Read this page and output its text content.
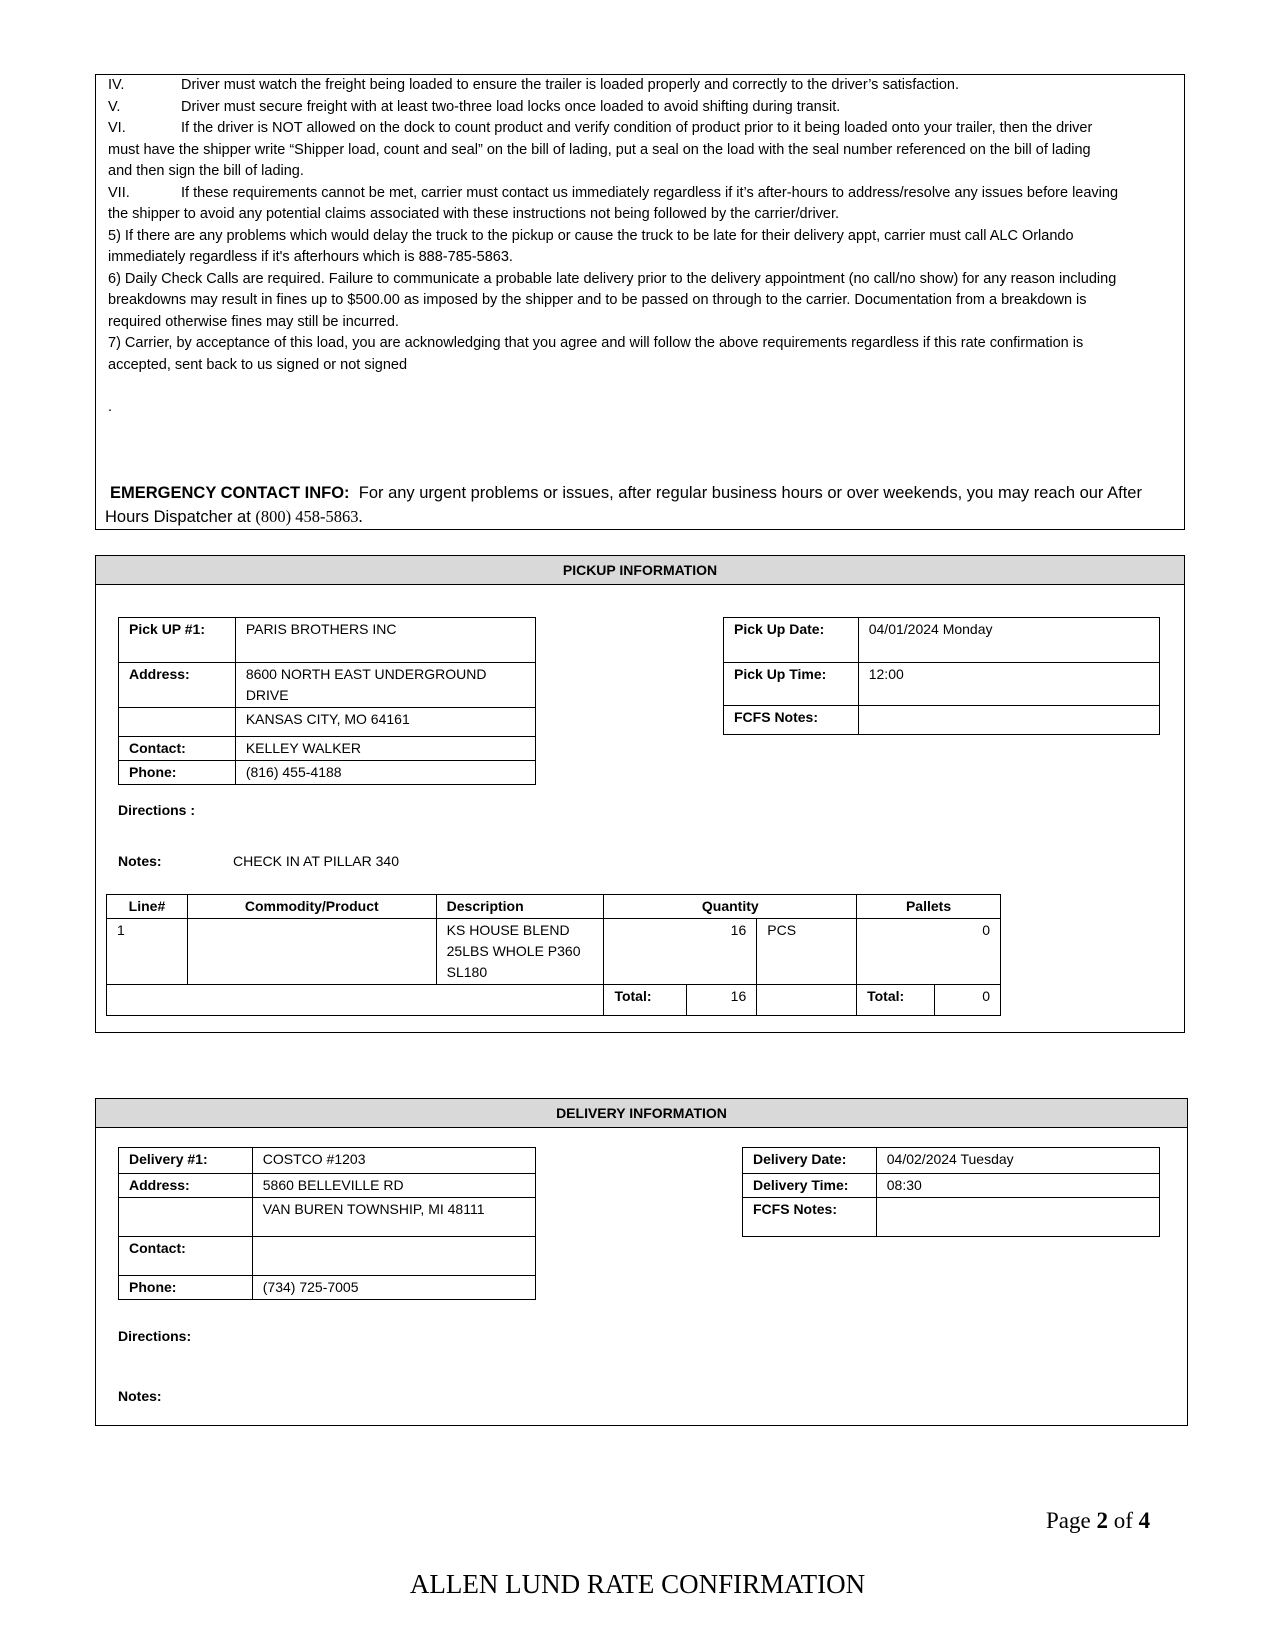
IV.	Driver must watch the freight being loaded to ensure the trailer is loaded properly and correctly to the driver’s satisfaction.
V.	Driver must secure freight with at least two-three load locks once loaded to avoid shifting during transit.
VI.	If the driver is NOT allowed on the dock to count product and verify condition of product prior to it being loaded onto your trailer, then the driver
must have the shipper write “Shipper load, count and seal” on the bill of lading, put a seal on the load with the seal number referenced on the bill of lading
and then sign the bill of lading.
VII.	If these requirements cannot be met, carrier must contact us immediately regardless if it’s after-hours to address/resolve any issues before leaving
the shipper to avoid any potential claims associated with these instructions not being followed by the carrier/driver.
5) If there are any problems which would delay the truck to the pickup or cause the truck to be late for their delivery appt, carrier must call ALC Orlando
immediately regardless if it's afterhours which is 888-785-5863.
6) Daily Check Calls are required. Failure to communicate a probable late delivery prior to the delivery appointment (no call/no show) for any reason including
breakdowns may result in fines up to $500.00 as imposed by the shipper and to be passed on through to the carrier. Documentation from a breakdown is
required otherwise fines may still be incurred.
7) Carrier, by acceptance of this load, you are acknowledging that you agree and will follow the above requirements regardless if this rate confirmation is
accepted, sent back to us signed or not signed
.
EMERGENCY CONTACT INFO: For any urgent problems or issues, after regular business hours or over weekends, you may reach our After
Hours Dispatcher at (800) 458-5863.
PICKUP INFORMATION
Pick UP #1:	PARIS BROTHERS INC
Address:	8600 NORTH EAST UNDERGROUND
DRIVE

	KANSAS CITY, MO 64161
Contact:	KELLEY WALKER
Phone:	(816) 455-4188
Pick Up Date:	04/01/2024 Monday
Pick Up Time:	12:00
FCFS Notes:	
Directions :
Notes:	CHECK IN AT PILLAR 340
Line#	Commodity/Product	Description	Quantity			Pallets	
1		KS HOUSE BLEND
25LBS WHOLE P360
SL180	16		PCS	0	
			Total:	16		Total:	0
DELIVERY INFORMATION
Delivery #1:	COSTCO #1203
Address:	5860 BELLEVILLE RD
	VAN BUREN TOWNSHIP, MI 48111
Contact:	
Phone:	(734) 725-7005
Delivery Date:	04/02/2024 Tuesday
Delivery Time:	08:30
FCFS Notes:	
Directions:
Notes:
Page 2 of 4
ALLEN LUND RATE CONFIRMATION
